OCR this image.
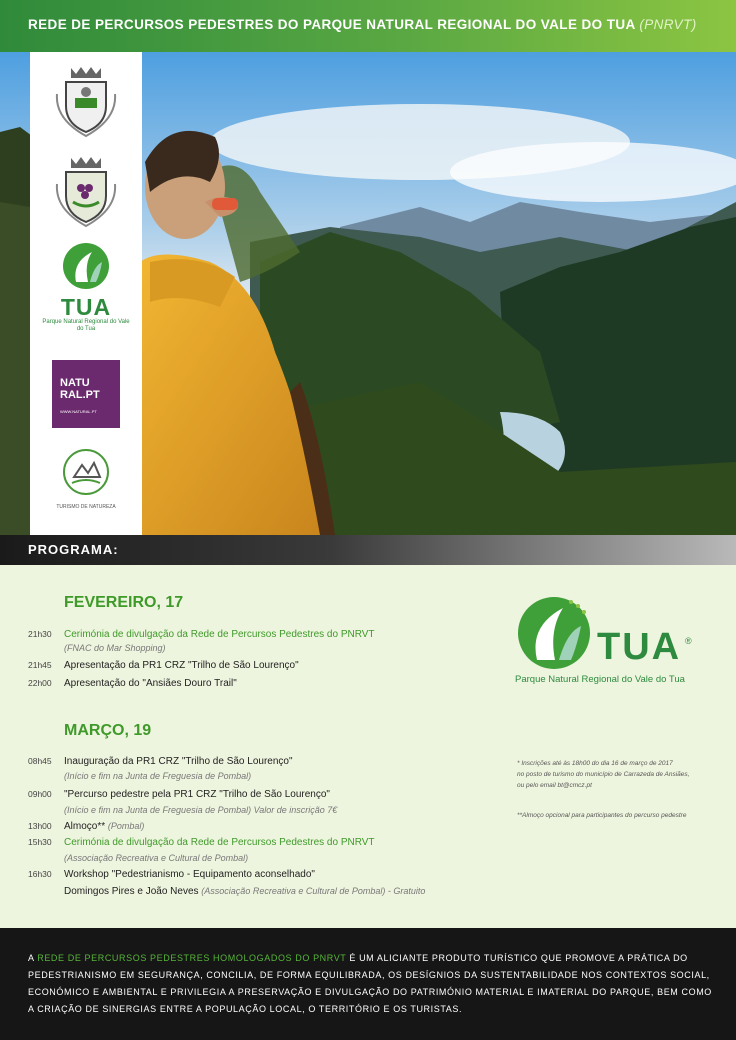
REDE DE PERCURSOS PEDESTRES DO PARQUE NATURAL REGIONAL DO VALE DO TUA (PNRVT)
TUA
Parque Natural Regional do Vale do Tua
NATU
RAL.PT
WWW.NATURAL.PT
TURISMO DE NATUREZA
PROGRAMA:
FEVEREIRO, 17
21h30 Cerimónia de divulgação da Rede de Percursos Pedestres do PNRVT
(FNAC do Mar Shopping)
21h45 Apresentação da PR1 CRZ "Trilho de São Lourenço"
22h00 Apresentação do "Ansiães Douro Trail"
MARÇO, 19
08h45 Inauguração da PR1 CRZ "Trilho de São Lourenço"
(Início e fim na Junta de Freguesia de Pombal)
09h00 "Percurso pedestre pela PR1 CRZ "Trilho de São Lourenço"
(Início e fim na Junta de Freguesia de Pombal) Valor de inscrição 7€
13h00 Almoço** (Pombal)
15h30 Cerimónia de divulgação da Rede de Percursos Pedestres do PNRVT
(Associação Recreativa e Cultural de Pombal)
16h30 Workshop "Pedestrianismo - Equipamento aconselhado"
Domingos Pires e João Neves (Associação Recreativa e Cultural de Pombal) - Gratuito
TUA ®
Parque Natural Regional do Vale do Tua
* Inscrições até às 18h00 do dia 16 de março de 2017
no posto de turismo do município de Carrazeda de Ansiães,
ou pelo email bt@cmcz.pt
**Almoço opcional para participantes do percurso pedestre
A REDE DE PERCURSOS PEDESTRES HOMOLOGADOS DO PNRVT É UM ALICIANTE PRODUTO TURÍSTICO QUE PROMOVE A PRÁTICA DO PEDESTRIANISMO EM SEGURANÇA, CONCILIA, DE FORMA EQUILIBRADA, OS DESÍGNIOS DA SUSTENTABILIDADE NOS CONTEXTOS SOCIAL, ECONÓMICO E AMBIENTAL E PRIVILEGIA A PRESERVAÇÃO E DIVULGAÇÃO DO PATRIMÓNIO MATERIAL E IMATERIAL DO PARQUE, BEM COMO A CRIAÇÃO DE SINERGIAS ENTRE A POPULAÇÃO LOCAL, O TERRITÓRIO E OS TURISTAS.
